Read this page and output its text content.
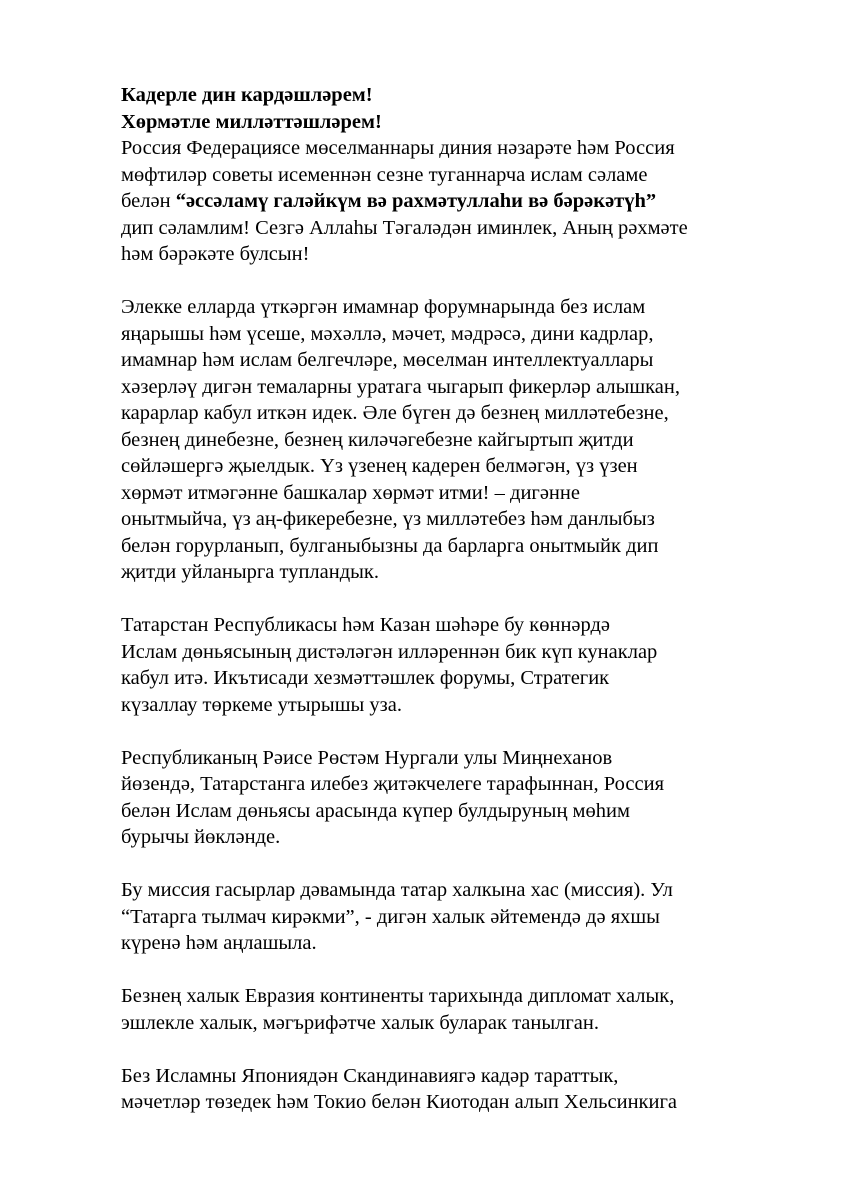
Кадерле дин кардәшләрем!
Хөрмәтле милләттәшләрем!
Россия Федерациясе мөселманнары диния нәзарәте һәм Россия
мөфтиләр советы исеменнән сезне туганнарча ислам сәламе
белән “әссәламү галәйкүм вә рахмәтуллаһи вә бәрәкәтүһ”
дип сәламлим! Сезгә Аллаһы Тәгаләдән иминлек, Аның рәхмәте
һәм бәрәкәте булсын!
Элекке елларда үткәргән имамнар форумнарында без ислам
яңарышы һәм үсеше, мәхәллә, мәчет, мәдрәсә, дини кадрлар,
имамнар һәм ислам белгечләре, мөселман интеллектуаллары
хәзерләү дигән темаларны уратага чыгарып фикерләр алышкан,
карарлар кабул иткән идек. Әле бүген дә безнең милләтебезне,
безнең динебезне, безнең киләчәгебезне кайгыртып җитди
сөйләшергә җыелдык. Үз үзенең кадерен белмәгән, үз үзен
хөрмәт итмәгәнне башкалар хөрмәт итми! – дигәнне
онытмыйча, үз аң-фикеребезне, үз милләтебез һәм данлыбыз
белән горурланып, булганыбызны да барларга онытмыйк дип
җитди уйланырга тупландык.
Татарстан Республикасы һәм Казан шәһәре бу көннәрдә
Ислам дөньясының дистәләгән илләреннән бик күп кунаклар
кабул итә. Икътисади хезмәттәшлек форумы, Стратегик
күзаллау төркеме утырышы уза.
Республиканың Рәисе Рөстәм Нургали улы Миңнеханов
йөзендә, Татарстанга илебез җитәкчелеге тарафыннан, Россия
белән Ислам дөньясы арасында күпер булдыруның мөһим
бурычы йөкләнде.
Бу миссия гасырлар дәвамында татар халкына хас (миссия). Ул
“Татарга тылмач кирәкми”, - дигән халык әйтемендә дә яхшы
күренә һәм аңлашыла.
Безнең халык Евразия континенты тарихында дипломат халык,
эшлекле халык, мәгърифәтче халык буларак танылган.
Без Исламны Япониядән Скандинавиягә кадәр тараттык,
мәчетләр төзедек һәм Токио белән Киотодан алып Хельсинкига
